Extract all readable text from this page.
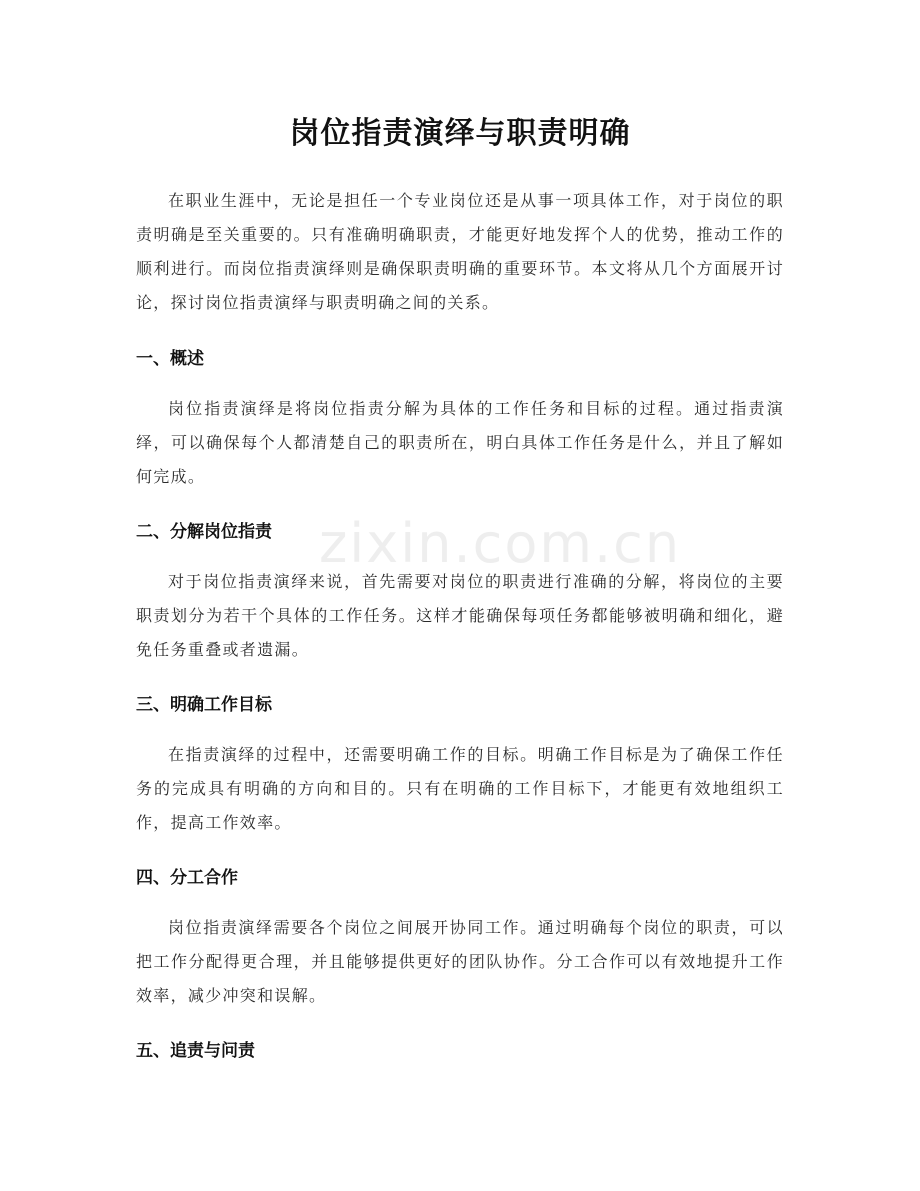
岗位指责演绎与职责明确

在职业生涯中，无论是担任一个专业岗位还是从事一项具体工作，对于岗位的职责明确是至关重要的。只有准确明确职责，才能更好地发挥个人的优势，推动工作的顺利进行。而岗位指责演绎则是确保职责明确的重要环节。本文将从几个方面展开讨论，探讨岗位指责演绎与职责明确之间的关系。

一、概述

岗位指责演绎是将岗位指责分解为具体的工作任务和目标的过程。通过指责演绎，可以确保每个人都清楚自己的职责所在，明白具体工作任务是什么，并且了解如何完成。

二、分解岗位指责

对于岗位指责演绎来说，首先需要对岗位的职责进行准确的分解，将岗位的主要职责划分为若干个具体的工作任务。这样才能确保每项任务都能够被明确和细化，避免任务重叠或者遗漏。

三、明确工作目标

在指责演绎的过程中，还需要明确工作的目标。明确工作目标是为了确保工作任务的完成具有明确的方向和目的。只有在明确的工作目标下，才能更有效地组织工作，提高工作效率。

四、分工合作

岗位指责演绎需要各个岗位之间展开协同工作。通过明确每个岗位的职责，可以把工作分配得更合理，并且能够提供更好的团队协作。分工合作可以有效地提升工作效率，减少冲突和误解。

五、追责与问责
zixin.com.cn
